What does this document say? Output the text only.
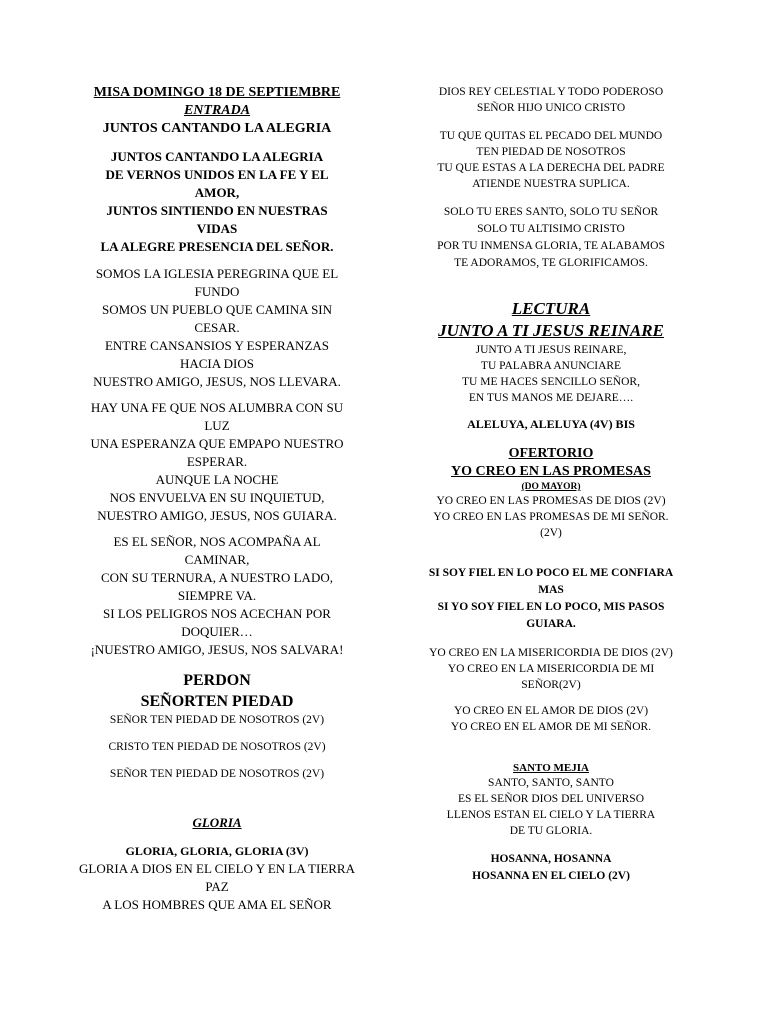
MISA DOMINGO 18 DE SEPTIEMBRE
ENTRADA
JUNTOS CANTANDO LA ALEGRIA
JUNTOS CANTANDO LA ALEGRIA
DE VERNOS UNIDOS EN LA FE Y EL
AMOR,
JUNTOS SINTIENDO EN NUESTRAS
VIDAS
LA ALEGRE PRESENCIA DEL SEÑOR.
SOMOS LA IGLESIA PEREGRINA QUE EL
FUNDO
SOMOS UN PUEBLO QUE CAMINA SIN
CESAR.
ENTRE CANSANSIOS Y ESPERANZAS
HACIA DIOS
NUESTRO AMIGO, JESUS, NOS LLEVARA.
HAY UNA FE QUE NOS ALUMBRA CON SU
LUZ
UNA ESPERANZA QUE EMPAPO NUESTRO
ESPERAR.
AUNQUE LA NOCHE
NOS ENVUELVA EN SU INQUIETUD,
NUESTRO AMIGO, JESUS, NOS GUIARA.
ES EL SEÑOR, NOS ACOMPAÑA AL
CAMINAR,
CON SU TERNURA, A NUESTRO LADO,
SIEMPRE VA.
SI LOS PELIGROS NOS ACECHAN POR
DOQUIER…
¡NUESTRO AMIGO, JESUS, NOS SALVARA!
PERDON
SEÑORTEN PIEDAD
SEÑOR TEN PIEDAD DE NOSOTROS (2V)
CRISTO TEN PIEDAD DE NOSOTROS (2V)
SEÑOR TEN PIEDAD DE NOSOTROS (2V)
GLORIA
GLORIA, GLORIA, GLORIA (3V)
GLORIA A DIOS EN EL CIELO Y EN LA TIERRA
PAZ
A LOS HOMBRES QUE AMA EL SEÑOR
DIOS REY CELESTIAL Y TODO PODEROSO
SEÑOR HIJO UNICO CRISTO
TU QUE QUITAS EL PECADO DEL MUNDO
TEN PIEDAD DE NOSOTROS
TU QUE ESTAS A LA DERECHA DEL PADRE
ATIENDE NUESTRA SUPLICA.
SOLO TU ERES SANTO, SOLO TU SEÑOR
SOLO TU ALTISIMO CRISTO
POR TU INMENSA GLORIA, TE ALABAMOS
TE ADORAMOS, TE GLORIFICAMOS.
LECTURA
JUNTO A TI JESUS REINARE
JUNTO A TI JESUS REINARE,
TU PALABRA ANUNCIARE
TU ME HACES SENCILLO SEÑOR,
EN TUS MANOS ME DEJARE….
ALELUYA, ALELUYA (4V) BIS
OFERTORIO
YO CREO EN LAS PROMESAS
(DO MAYOR)
YO CREO EN LAS PROMESAS DE DIOS (2V)
YO CREO EN LAS PROMESAS DE MI SEÑOR.
(2V)
SI SOY FIEL EN LO POCO EL ME CONFIARA
MAS
SI YO SOY FIEL EN LO POCO, MIS PASOS
GUIARA.
YO CREO EN LA MISERICORDIA DE DIOS (2V)
YO CREO EN LA MISERICORDIA DE MI
SEÑOR(2V)
YO CREO EN EL AMOR DE DIOS (2V)
YO CREO EN EL AMOR DE MI SEÑOR.
SANTO MEJIA
SANTO, SANTO, SANTO
ES EL SEÑOR DIOS DEL UNIVERSO
LLENOS ESTAN EL CIELO Y LA TIERRA
DE TU GLORIA.
HOSANNA, HOSANNA
HOSANNA EN EL CIELO (2V)
